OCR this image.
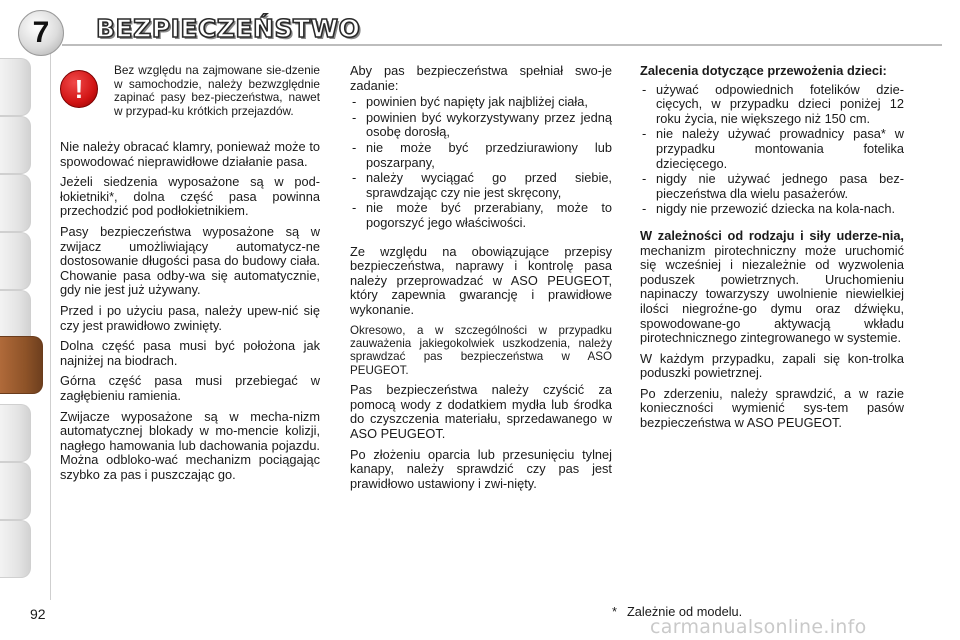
7	BEZPIECZEŃSTWO
!
Bez względu na zajmowane sie-dzenie w samochodzie, należy bezwzględnie zapinać pasy bez-pieczeństwa, nawet w przypad-ku krótkich przejazdów.

Nie należy obracać klamry, ponieważ może to spowodować nieprawidłowe działanie pasa.

Jeżeli siedzenia wyposażone są w pod-łokietniki*, dolna część pasa powinna przechodzić pod podłokietnikiem.

Pasy bezpieczeństwa wyposażone są w zwijacz umożliwiający automatycz-ne dostosowanie długości pasa do budowy ciała. Chowanie pasa odby-wa się automatycznie, gdy nie jest już używany.

Przed i po użyciu pasa, należy upew-nić się czy jest prawidłowo zwinięty.

Dolna część pasa musi być położona jak najniżej na biodrach.

Górna część pasa musi przebiegać w zagłębieniu ramienia.

Zwijacze wyposażone są w mecha-nizm automatycznej blokady w mo-mencie kolizji, nagłego hamowania lub dachowania pojazdu. Można odbloko-wać mechanizm pociągając szybko za pas i puszczając go.

Aby pas bezpieczeństwa spełniał swo-je zadanie:

- powinien być napięty jak najbliżej ciała,
- powinien być wykorzystywany przez jedną osobę dorosłą,
- nie może być przedziurawiony lub poszarpany,
- należy wyciągać go przed siebie, sprawdzając czy nie jest skręcony,
- nie może być przerabiany, może to pogorszyć jego właściwości.

Ze względu na obowiązujące przepisy bezpieczeństwa, naprawy i kontrolę pasa należy przeprowadzać w ASO PEUGEOT, który zapewnia gwarancję i prawidłowe wykonanie.

Okresowo, a w szczególności w przypadku zauważenia jakiegokolwiek uszkodzenia, należy sprawdzać pas bezpieczeństwa w ASO PEUGEOT.

Pas bezpieczeństwa należy czyścić za pomocą wody z dodatkiem mydła lub środka do czyszczenia materiału, sprzedawanego w ASO PEUGEOT.

Po złożeniu oparcia lub przesunięciu tylnej kanapy, należy sprawdzić czy pas jest prawidłowo ustawiony i zwi-nięty.

Zalecenia dotyczące przewożenia dzieci:

- używać odpowiednich fotelików dzie-cięcych, w przypadku dzieci poniżej 12 roku życia, nie większego niż 150 cm.
- nie należy używać prowadnicy pasa* w przypadku montowania fotelika dziecięcego.
- nigdy nie używać jednego pasa bez-pieczeństwa dla wielu pasażerów.
- nigdy nie przewozić dziecka na kola-nach.

W zależności od rodzaju i siły uderze-nia, mechanizm pirotechniczny może uruchomić się wcześniej i niezależnie od wyzwolenia poduszek powietrznych. Uruchomieniu napinaczy towarzyszy uwolnienie niewielkiej ilości niegroźne-go dymu oraz dźwięku, spowodowane-go aktywacją wkładu pirotechnicznego zintegrowanego w systemie.

W każdym przypadku, zapali się kon-trolka poduszki powietrznej.

Po zderzeniu, należy sprawdzić, a w razie konieczności wymienić sys-tem pasów bezpieczeństwa w ASO PEUGEOT.

92	* Zależnie od modelu.
carmanualsonline.info
